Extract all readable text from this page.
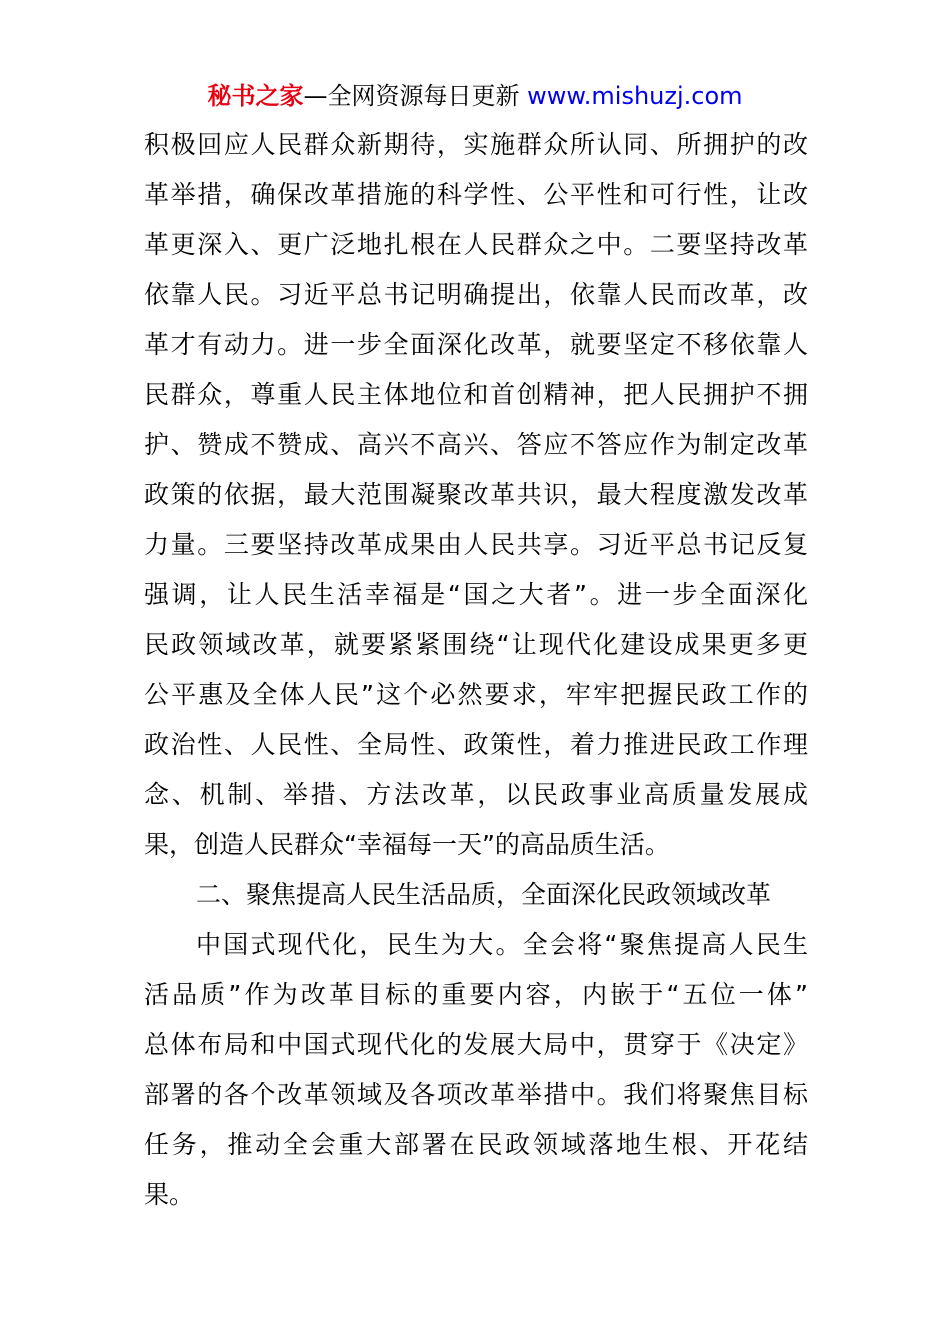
秘书之家—全网资源每日更新 www.mishuzj.com
积极回应人民群众新期待，实施群众所认同、所拥护的改
革举措，确保改革措施的科学性、公平性和可行性，让改
革更深入、更广泛地扎根在人民群众之中。二要坚持改革
依靠人民。习近平总书记明确提出，依靠人民而改革，改
革才有动力。进一步全面深化改革，就要坚定不移依靠人
民群众，尊重人民主体地位和首创精神，把人民拥护不拥
护、赞成不赞成、高兴不高兴、答应不答应作为制定改革
政策的依据，最大范围凝聚改革共识，最大程度激发改革
力量。三要坚持改革成果由人民共享。习近平总书记反复
强调，让人民生活幸福是“国之大者”。进一步全面深化
民政领域改革，就要紧紧围绕“让现代化建设成果更多更
公平惠及全体人民”这个必然要求，牢牢把握民政工作的
政治性、人民性、全局性、政策性，着力推进民政工作理
念、机制、举措、方法改革，以民政事业高质量发展成
果，创造人民群众“幸福每一天”的高品质生活。
二、聚焦提高人民生活品质，全面深化民政领域改革
中国式现代化，民生为大。全会将“聚焦提高人民生
活品质”作为改革目标的重要内容，内嵌于“五位一体”
总体布局和中国式现代化的发展大局中，贯穿于《决定》
部署的各个改革领域及各项改革举措中。我们将聚焦目标
任务，推动全会重大部署在民政领域落地生根、开花结
果。
